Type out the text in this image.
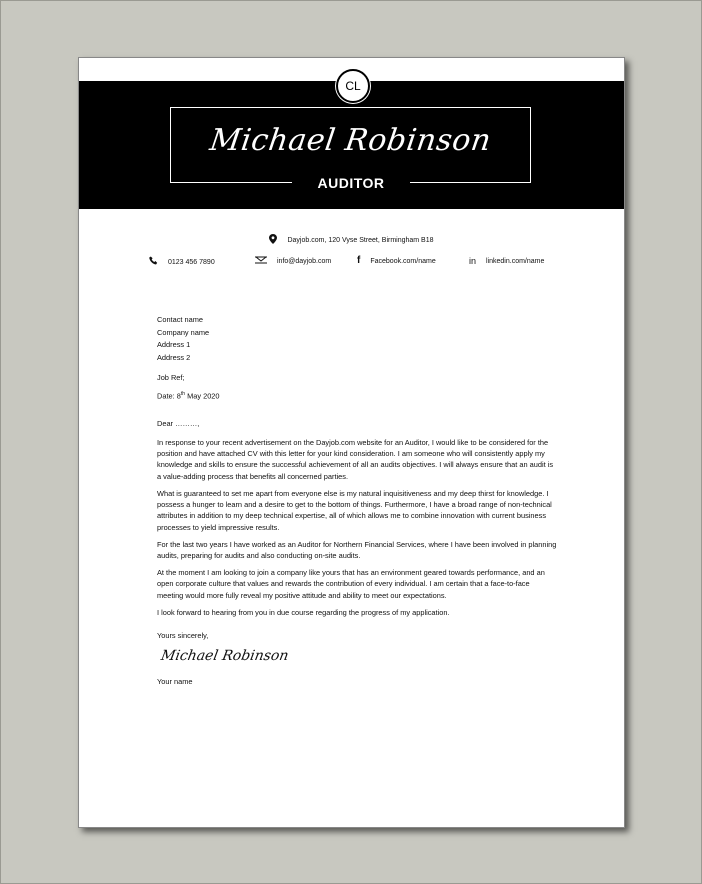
Michael Robinson
AUDITOR
CL
Dayjob.com, 120 Vyse Street, Birmingham B18
0123 456 7890	info@dayjob.com	f Facebook.com/name	in linkedin.com/name
Contact name
Company name
Address 1
Address 2
Job Ref;
Date: 8th May 2020
Dear ………,

In response to your recent advertisement on the Dayjob.com website for an Auditor, I would like to be considered for the position and have attached CV with this letter for your kind consideration. I am someone who will consistently apply my knowledge and skills to ensure the successful achievement of all an audits objectives. I will always ensure that an audit is a value-adding process that benefits all concerned parties.

What is guaranteed to set me apart from everyone else is my natural inquisitiveness and my deep thirst for knowledge. I possess a hunger to learn and a desire to get to the bottom of things. Furthermore, I have a broad range of non-technical attributes in addition to my deep technical expertise, all of which allows me to combine innovation with current business processes to yield impressive results.

For the last two years I have worked as an Auditor for Northern Financial Services, where I have been involved in planning audits, preparing for audits and also conducting on-site audits.

At the moment I am looking to join a company like yours that has an environment geared towards performance, and an open corporate culture that values and rewards the contribution of every individual. I am certain that a face-to-face meeting would more fully reveal my positive attitude and ability to meet our expectations.

I look forward to hearing from you in due course regarding the progress of my application.

Yours sincerely,
Michael Robinson
Your name
